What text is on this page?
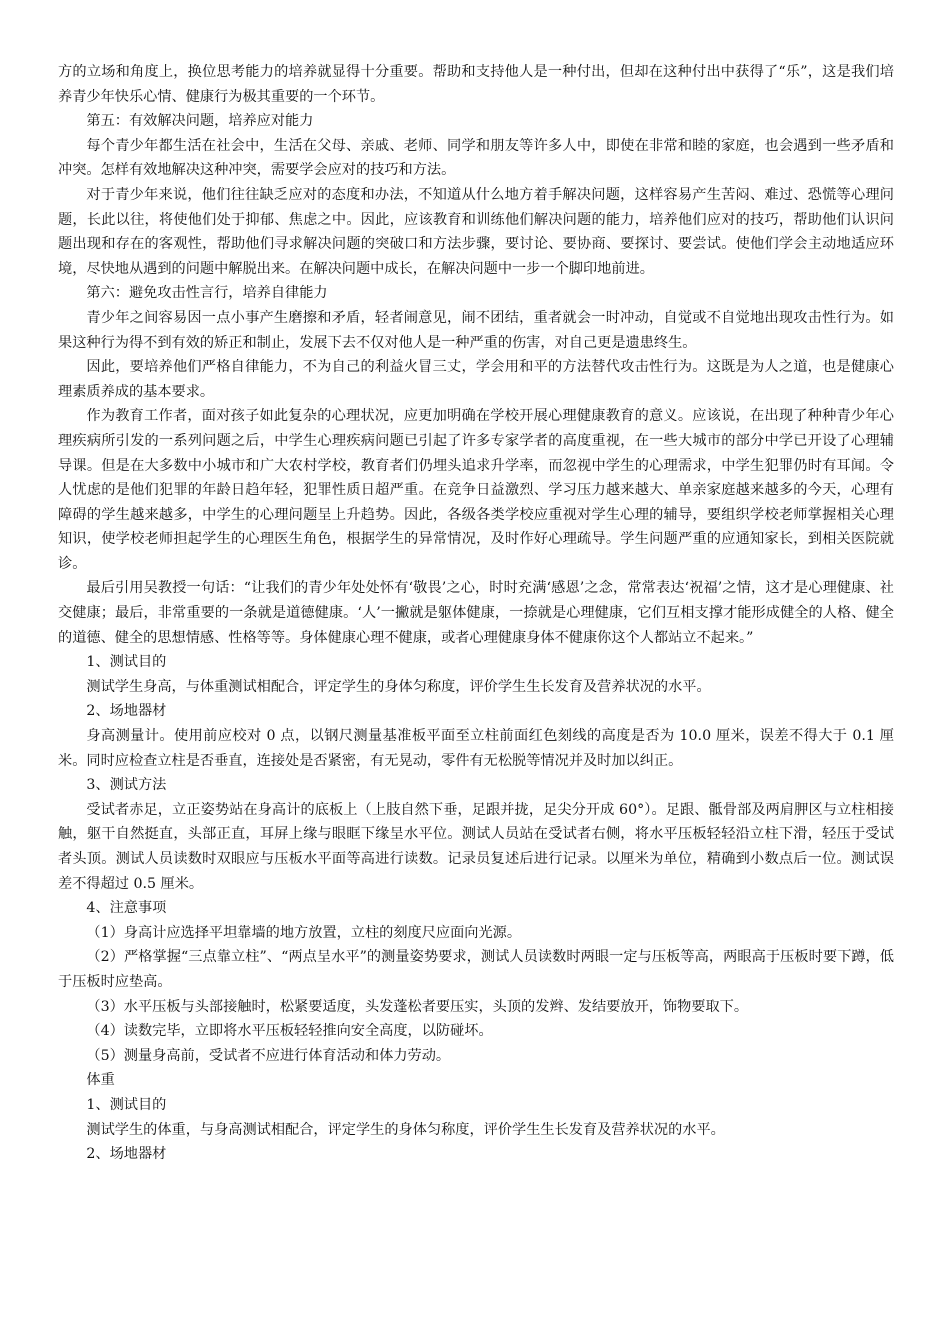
方的立场和角度上，换位思考能力的培养就显得十分重要。帮助和支持他人是一种付出，但却在这种付出中获得了“乐”，这是我们培养青少年快乐心情、健康行为极其重要的一个环节。

第五：有效解决问题，培养应对能力

每个青少年都生活在社会中，生活在父母、亲戚、老师、同学和朋友等许多人中，即使在非常和睦的家庭，也会遇到一些矛盾和冲突。怎样有效地解决这种冲突，需要学会应对的技巧和方法。

对于青少年来说，他们往往缺乏应对的态度和办法，不知道从什么地方着手解决问题，这样容易产生苦闷、难过、恐慌等心理问题，长此以往，将使他们处于抑郁、焦虑之中。因此，应该教育和训练他们解决问题的能力，培养他们应对的技巧，帮助他们认识问题出现和存在的客观性，帮助他们寻求解决问题的突破口和方法步骤，要讨论、要协商、要探讨、要尝试。使他们学会主动地适应环境，尽快地从遇到的问题中解脱出来。在解决问题中成长，在解决问题中一步一个脚印地前进。

第六：避免攻击性言行，培养自律能力

青少年之间容易因一点小事产生磨擦和矛盾，轻者闹意见，闹不团结，重者就会一时冲动，自觉或不自觉地出现攻击性行为。如果这种行为得不到有效的矫正和制止，发展下去不仅对他人是一种严重的伤害，对自己更是遗患终生。

因此，要培养他们严格自律能力，不为自己的利益火冒三丈，学会用和平的方法替代攻击性行为。这既是为人之道，也是健康心理素质养成的基本要求。

作为教育工作者，面对孩子如此复杂的心理状况，应更加明确在学校开展心理健康教育的意义。应该说，在出现了种种青少年心理疾病所引发的一系列问题之后，中学生心理疾病问题已引起了许多专家学者的高度重视，在一些大城市的部分中学已开设了心理辅导课。但是在大多数中小城市和广大农村学校，教育者们仍埋头追求升学率，而忽视中学生的心理需求，中学生犯罪仍时有耳闻。令人忧虑的是他们犯罪的年龄日趋年轻，犯罪性质日超严重。在竞争日益激烈、学习压力越来越大、单亲家庭越来越多的今天，心理有障碍的学生越来越多，中学生的心理问题呈上升趋势。因此，各级各类学校应重视对学生心理的辅导，要组织学校老师掌握相关心理知识，使学校老师担起学生的心理医生角色，根据学生的异常情况，及时作好心理疏导。学生问题严重的应通知家长，到相关医院就诊。

最后引用吴教授一句话：“让我们的青少年处处怀有‘敬畏’之心，时时充满‘感恩’之念，常常表达‘祝福’之情，这才是心理健康、社交健康；最后，非常重要的一条就是道德健康。‘人’一撇就是躯体健康，一捺就是心理健康，它们互相支撑才能形成健全的人格、健全的道德、健全的思想情感、性格等等。身体健康心理不健康，或者心理健康身体不健康你这个人都站立不起来。”

1、测试目的

测试学生身高，与体重测试相配合，评定学生的身体匀称度，评价学生生长发育及营养状况的水平。

2、场地器材

身高测量计。使用前应校对 0 点，以钢尺测量基准板平面至立柱前面红色刻线的高度是否为 10.0 厘米，误差不得大于 0.1 厘米。同时应检查立柱是否垂直，连接处是否紧密，有无晃动，零件有无松脱等情况并及时加以纠正。

3、测试方法

受试者赤足，立正姿势站在身高计的底板上（上肢自然下垂，足跟并拢，足尖分开成 60°）。足跟、骶骨部及两肩胛区与立柱相接触，躯干自然挺直，头部正直，耳屏上缘与眼眶下缘呈水平位。测试人员站在受试者右侧，将水平压板轻轻沿立柱下滑，轻压于受试者头顶。测试人员读数时双眼应与压板水平面等高进行读数。记录员复述后进行记录。以厘米为单位，精确到小数点后一位。测试误差不得超过 0.5 厘米。

4、注意事项

（1）身高计应选择平坦靠墙的地方放置，立柱的刻度尺应面向光源。

（2）严格掌握“三点靠立柱”、“两点呈水平”的测量姿势要求，测试人员读数时两眼一定与压板等高，两眼高于压板时要下蹲，低于压板时应垫高。

（3）水平压板与头部接触时，松紧要适度，头发蓬松者要压实，头顶的发辫、发结要放开，饰物要取下。

（4）读数完毕，立即将水平压板轻轻推向安全高度，以防碰坏。

（5）测量身高前，受试者不应进行体育活动和体力劳动。

体重

1、测试目的

测试学生的体重，与身高测试相配合，评定学生的身体匀称度，评价学生生长发育及营养状况的水平。

2、场地器材
